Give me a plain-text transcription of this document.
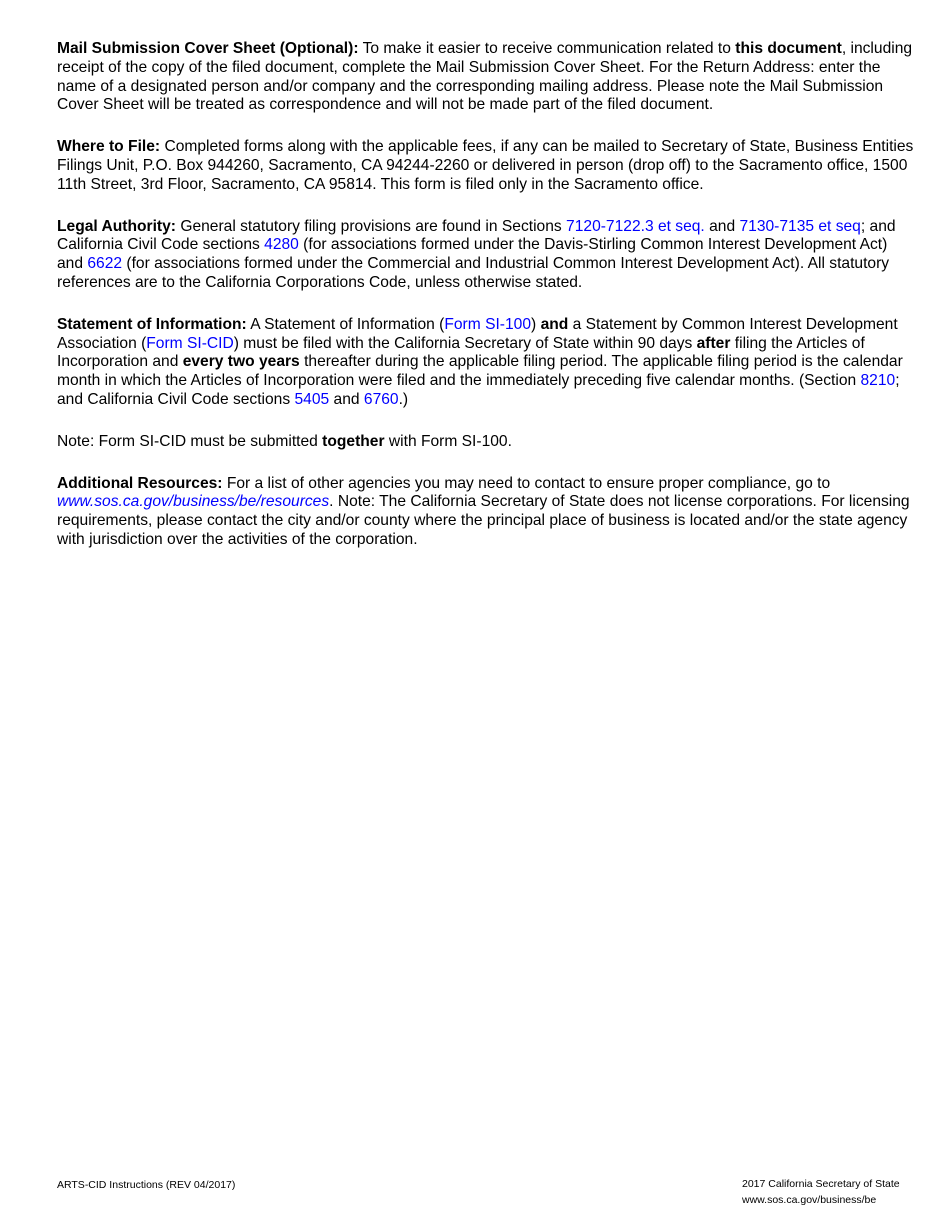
Mail Submission Cover Sheet (Optional): To make it easier to receive communication related to this document, including receipt of the copy of the filed document, complete the Mail Submission Cover Sheet. For the Return Address: enter the name of a designated person and/or company and the corresponding mailing address. Please note the Mail Submission Cover Sheet will be treated as correspondence and will not be made part of the filed document.

Where to File: Completed forms along with the applicable fees, if any can be mailed to Secretary of State, Business Entities Filings Unit, P.O. Box 944260, Sacramento, CA 94244-2260 or delivered in person (drop off) to the Sacramento office, 1500 11th Street, 3rd Floor, Sacramento, CA 95814. This form is filed only in the Sacramento office.

Legal Authority: General statutory filing provisions are found in Sections 7120-7122.3 et seq. and 7130-7135 et seq; and California Civil Code sections 4280 (for associations formed under the Davis-Stirling Common Interest Development Act) and 6622 (for associations formed under the Commercial and Industrial Common Interest Development Act). All statutory references are to the California Corporations Code, unless otherwise stated.

Statement of Information: A Statement of Information (Form SI-100) and a Statement by Common Interest Development Association (Form SI-CID) must be filed with the California Secretary of State within 90 days after filing the Articles of Incorporation and every two years thereafter during the applicable filing period. The applicable filing period is the calendar month in which the Articles of Incorporation were filed and the immediately preceding five calendar months. (Section 8210; and California Civil Code sections 5405 and 6760.)

Note: Form SI-CID must be submitted together with Form SI-100.

Additional Resources: For a list of other agencies you may need to contact to ensure proper compliance, go to www.sos.ca.gov/business/be/resources. Note: The California Secretary of State does not license corporations. For licensing requirements, please contact the city and/or county where the principal place of business is located and/or the state agency with jurisdiction over the activities of the corporation.

ARTS-CID Instructions (REV 04/2017)	2017 California Secretary of State
www.sos.ca.gov/business/be
